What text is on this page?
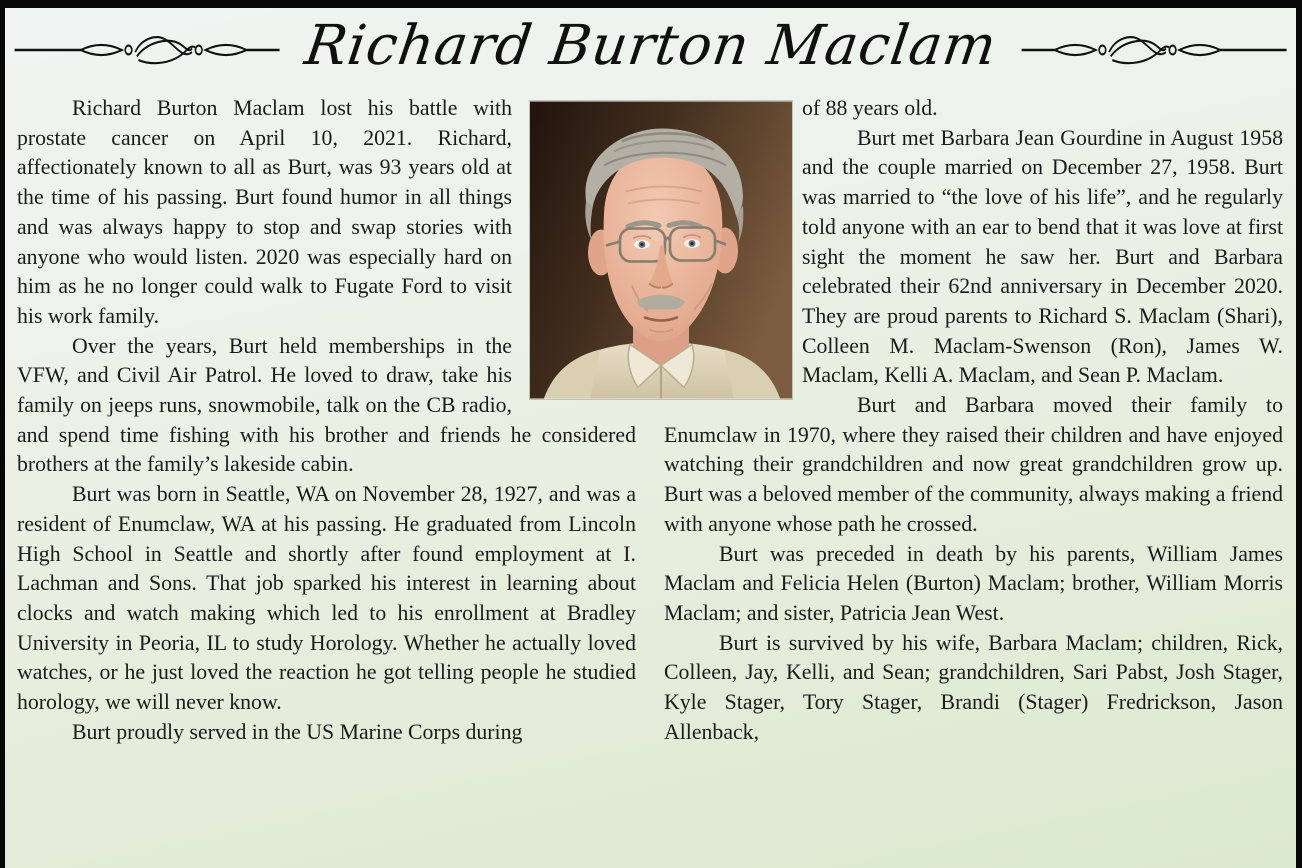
Richard Burton Maclam

Richard Burton Maclam lost his battle with prostate cancer on April 10, 2021. Richard, affectionately known to all as Burt, was 93 years old at the time of his passing. Burt found humor in all things and was always happy to stop and swap stories with anyone who would listen. 2020 was especially hard on him as he no longer could walk to Fugate Ford to visit his work family.

Over the years, Burt held memberships in the VFW, and Civil Air Patrol. He loved to draw, take his family on jeeps runs, snowmobile, talk on the CB radio, and spend time fishing with his brother and friends he considered brothers at the family’s lakeside cabin.

Burt was born in Seattle, WA on November 28, 1927, and was a resident of Enumclaw, WA at his passing. He graduated from Lincoln High School in Seattle and shortly after found employment at I. Lachman and Sons. That job sparked his interest in learning about clocks and watch making which led to his enrollment at Bradley University in Peoria, IL to study Horology. Whether he actually loved watches, or he just loved the reaction he got telling people he studied horology, we will never know.

Burt proudly served in the US Marine Corps during

of 88 years old.

Burt met Barbara Jean Gourdine in August 1958 and the couple married on December 27, 1958. Burt was married to “the love of his life”, and he regularly told anyone with an ear to bend that it was love at first sight the moment he saw her. Burt and Barbara celebrated their 62nd anniversary in December 2020. They are proud parents to Richard S. Maclam (Shari), Colleen M. Maclam-Swenson (Ron), James W. Maclam, Kelli A. Maclam, and Sean P. Maclam.

Burt and Barbara moved their family to Enumclaw in 1970, where they raised their children and have enjoyed watching their grandchildren and now great grandchildren grow up. Burt was a beloved member of the community, always making a friend with anyone whose path he crossed.

Burt was preceded in death by his parents, William James Maclam and Felicia Helen (Burton) Maclam; brother, William Morris Maclam; and sister, Patricia Jean West.

Burt is survived by his wife, Barbara Maclam; children, Rick, Colleen, Jay, Kelli, and Sean; grandchildren, Sari Pabst, Josh Stager, Kyle Stager, Tory Stager, Brandi (Stager) Fredrickson, Jason Allenback,
